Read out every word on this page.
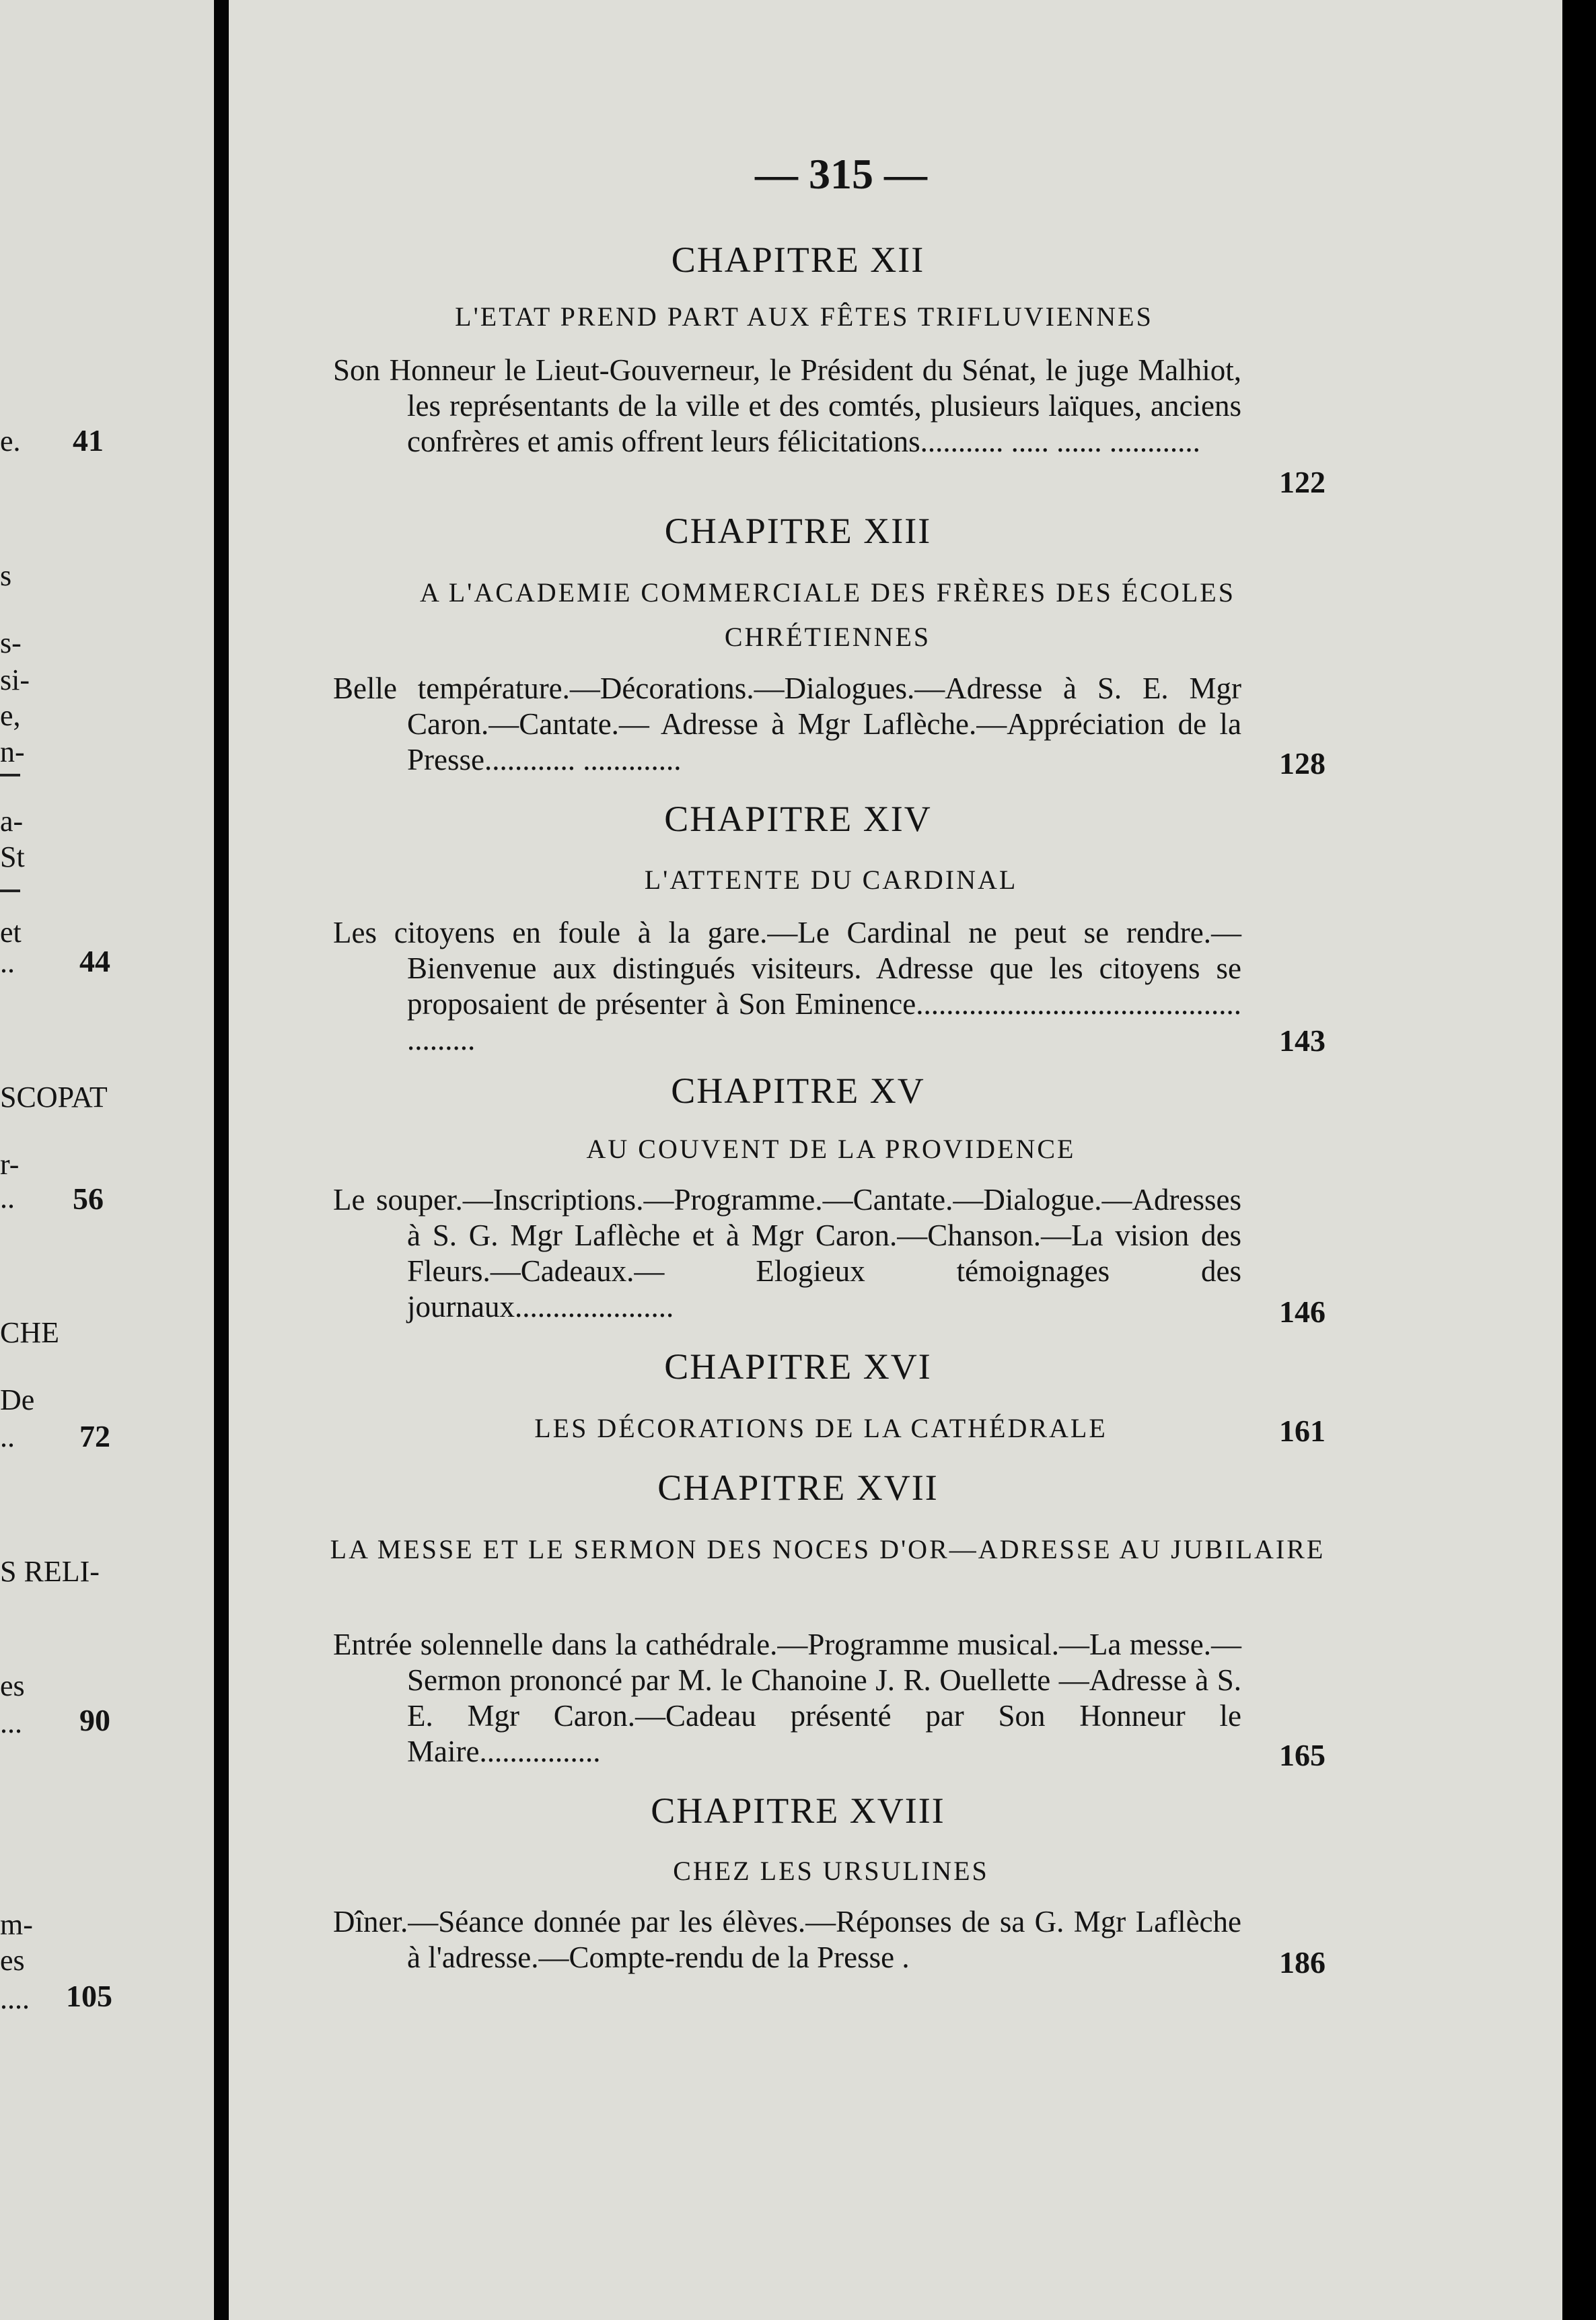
e. 41
s
s-
si-
e,
n-
a-
St
et
.. 44
SCOPAT
r-
.. 56
CHE
De
.. 72
S RELI-
es
... 90
m-
es
.... 105
— 315 —
CHAPITRE XII
L'ETAT PREND PART AUX FÊTES TRIFLUVIENNES
Son Honneur le Lieut-Gouverneur, le Président du Sénat, le juge Malhiot, les représentants de la ville et des comtés, plusieurs laïques, anciens confrères et amis offrent leurs félicitations........... ..... ...... ............
122
CHAPITRE XIII
A L'ACADEMIE COMMERCIALE DES FRÈRES DES ÉCOLES CHRÉTIENNES
Belle température.—Décorations.—Dialogues.—Adresse à S. E. Mgr Caron.—Cantate.— Adresse à Mgr Laflèche.—Appréciation de la Presse............ .............	128
CHAPITRE XIV
L'ATTENTE DU CARDINAL
Les citoyens en foule à la gare.—Le Cardinal ne peut se rendre.—Bienvenue aux distingués visiteurs. Adresse que les citoyens se proposaient de présenter à Son Eminence........................................... .........	143
CHAPITRE XV
AU COUVENT DE LA PROVIDENCE
Le souper.—Inscriptions.—Programme.—Cantate.—Dialogue.—Adresses à S. G. Mgr Laflèche et à Mgr Caron.—Chanson.—La vision des Fleurs.—Cadeaux.— Elogieux témoignages des journaux.....................	146
CHAPITRE XVI
LES DÉCORATIONS DE LA CATHÉDRALE	161
CHAPITRE XVII
LA MESSE ET LE SERMON DES NOCES D'OR—ADRESSE AU JUBILAIRE
Entrée solennelle dans la cathédrale.—Programme musical.—La messe.—Sermon prononcé par M. le Chanoine J. R. Ouellette —Adresse à S. E. Mgr Caron.—Cadeau présenté par Son Honneur le Maire................	165
CHAPITRE XVIII
CHEZ LES URSULINES
Dîner.—Séance donnée par les élèves.—Réponses de sa G. Mgr Laflèche à l'adresse.—Compte-rendu de la Presse .	186
